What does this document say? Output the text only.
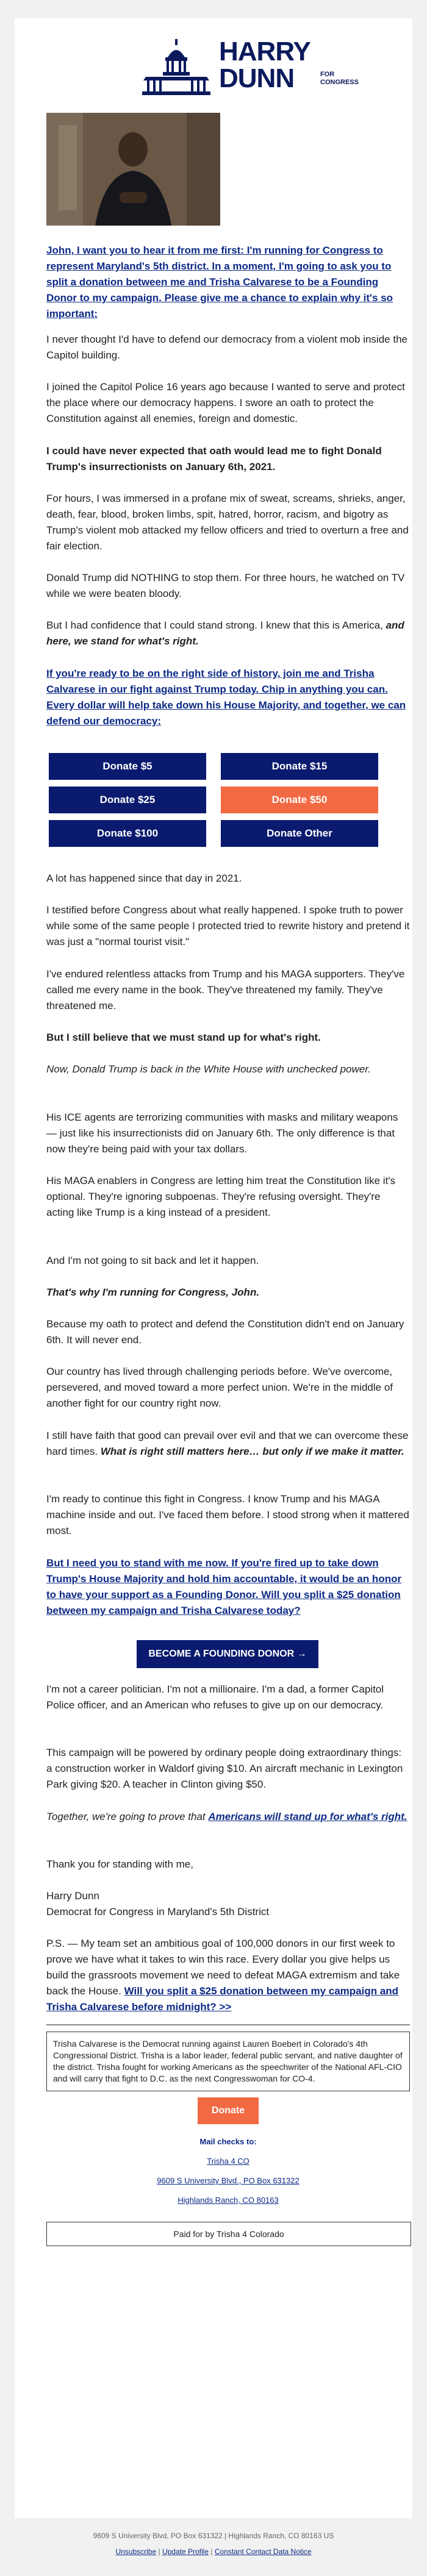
HARRY
DUNN	FOR
CONGRESS

John, I want you to hear it from me first: I'm running for Congress to represent Maryland's 5th district. In a moment, I'm going to ask you to split a donation between me and Trisha Calvarese to be a Founding Donor to my campaign. Please give me a chance to explain why it's so important:

I never thought I'd have to defend our democracy from a violent mob inside the Capitol building.
I joined the Capitol Police 16 years ago because I wanted to serve and protect the place where our democracy happens. I swore an oath to protect the Constitution against all enemies, foreign and domestic.
I could have never expected that oath would lead me to fight Donald Trump's insurrectionists on January 6th, 2021.
For hours, I was immersed in a profane mix of sweat, screams, shrieks, anger, death, fear, blood, broken limbs, spit, hatred, horror, racism, and bigotry as Trump's violent mob attacked my fellow officers and tried to overturn a free and fair election.
Donald Trump did NOTHING to stop them. For three hours, he watched on TV while we were beaten bloody.
But I had confidence that I could stand strong. I knew that this is America, and here, we stand for what's right.
If you're ready to be on the right side of history, join me and Trisha Calvarese in our fight against Trump today. Chip in anything you can. Every dollar will help take down his House Majority, and together, we can defend our democracy:
Donate $5	Donate $15
Donate $25	Donate $50
Donate $100	Donate Other
A lot has happened since that day in 2021.
I testified before Congress about what really happened. I spoke truth to power while some of the same people I protected tried to rewrite history and pretend it was just a "normal tourist visit."
I've endured relentless attacks from Trump and his MAGA supporters. They've called me every name in the book. They've threatened my family. They've threatened me.
But I still believe that we must stand up for what's right.
Now, Donald Trump is back in the White House with unchecked power.
His ICE agents are terrorizing communities with masks and military weapons — just like his insurrectionists did on January 6th. The only difference is that now they're being paid with your tax dollars.
His MAGA enablers in Congress are letting him treat the Constitution like it's optional. They're ignoring subpoenas. They're refusing oversight. They're acting like Trump is a king instead of a president.
And I'm not going to sit back and let it happen.
That's why I'm running for Congress, John.
Because my oath to protect and defend the Constitution didn't end on January 6th. It will never end.
Our country has lived through challenging periods before. We've overcome, persevered, and moved toward a more perfect union. We're in the middle of another fight for our country right now.
I still have faith that good can prevail over evil and that we can overcome these hard times. What is right still matters here… but only if we make it matter.
I'm ready to continue this fight in Congress. I know Trump and his MAGA machine inside and out. I've faced them before. I stood strong when it mattered most.
But I need you to stand with me now. If you're fired up to take down Trump's House Majority and hold him accountable, it would be an honor to have your support as a Founding Donor. Will you split a $25 donation between my campaign and Trisha Calvarese today?
BECOME A FOUNDING DONOR →
I'm not a career politician. I'm not a millionaire. I'm a dad, a former Capitol Police officer, and an American who refuses to give up on our democracy.
This campaign will be powered by ordinary people doing extraordinary things: a construction worker in Waldorf giving $10. An aircraft mechanic in Lexington Park giving $20. A teacher in Clinton giving $50.
Together, we're going to prove that Americans will stand up for what's right.
Thank you for standing with me,
Harry Dunn
Democrat for Congress in Maryland's 5th District
P.S. — My team set an ambitious goal of 100,000 donors in our first week to prove we have what it takes to win this race. Every dollar you give helps us build the grassroots movement we need to defeat MAGA extremism and take back the House. Will you split a $25 donation between my campaign and Trisha Calvarese before midnight? >>
Trisha Calvarese is the Democrat running against Lauren Boebert in Colorado's 4th Congressional District. Trisha is a labor leader, federal public servant, and native daughter of the district. Trisha fought for working Americans as the speechwriter of the National AFL-CIO and will carry that fight to D.C. as the next Congresswoman for CO-4.
Donate
Mail checks to:
Trisha 4 CO
9609 S University Blvd., PO Box 631322
Highlands Ranch, CO 80163
Paid for by Trisha 4 Colorado
9609 S University Blvd, PO Box 631322 | Highlands Ranch, CO 80163 US
Unsubscribe | Update Profile | Constant Contact Data Notice
